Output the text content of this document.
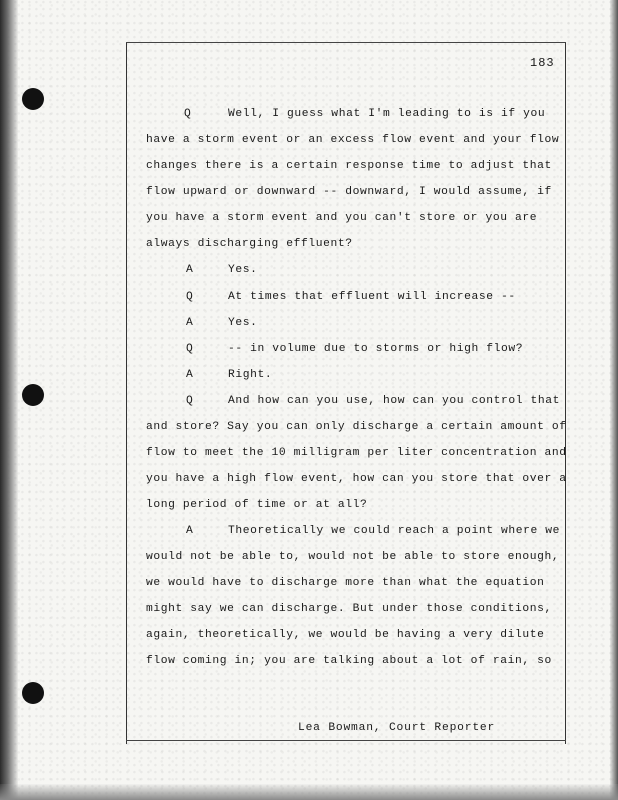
183
Q
A
Q
A
Q
A
Q
A
Well, I guess what I'm leading to is if you
have a storm event or an excess flow event and your flow
changes there is a certain response time to adjust that
flow upward or downward -- downward, I would assume, if
you have a storm event and you can't store or you are
always discharging effluent?
Yes.
At times that effluent will increase --
Yes.
-- in volume due to storms or high flow?
Right.
And how can you use, how can you control that
and store? Say you can only discharge a certain amount of
flow to meet the 10 milligram per liter concentration and
you have a high flow event, how can you store that over a
long period of time or at all?
Theoretically we could reach a point where we
would not be able to, would not be able to store enough,
we would have to discharge more than what the equation
might say we can discharge. But under those conditions,
again, theoretically, we would be having a very dilute
flow coming in; you are talking about a lot of rain, so
Lea Bowman, Court Reporter
